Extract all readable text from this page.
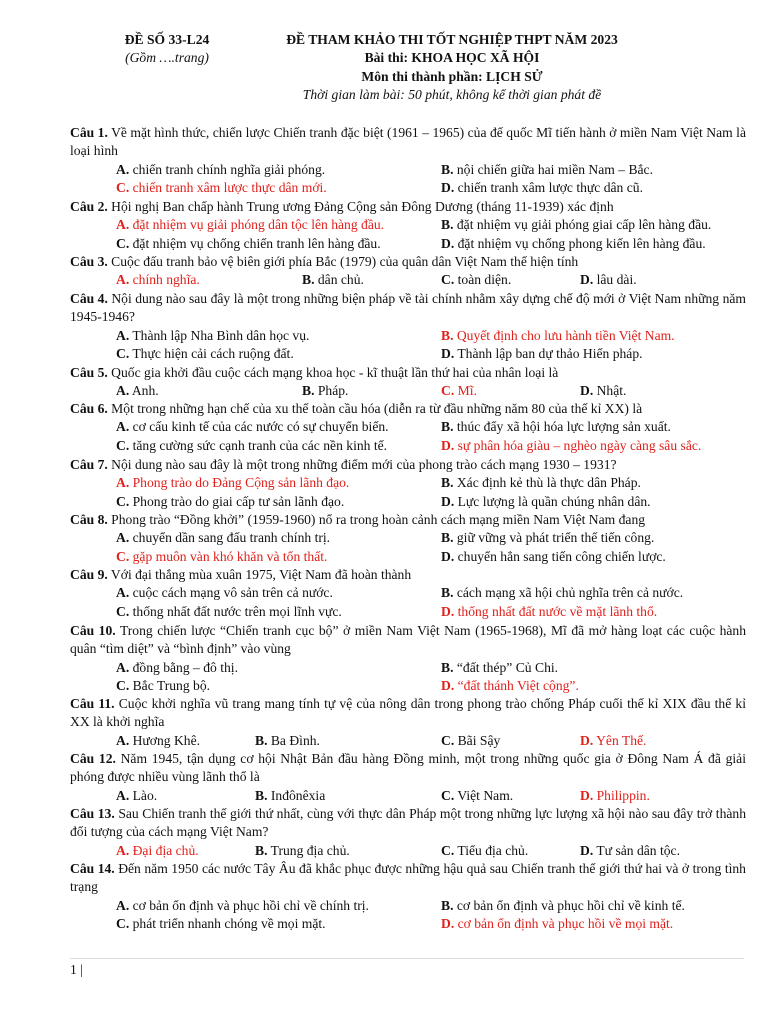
ĐỀ SỐ 33-L24	ĐỀ THAM KHẢO THI TỐT NGHIỆP THPT NĂM 2023
(Gồm ….trang)	Bài thi: KHOA HỌC XÃ HỘI
Môn thi thành phần: LỊCH SỬ
Thời gian làm bài: 50 phút, không kể thời gian phát đề
Câu 1. Về mặt hình thức, chiến lược Chiến tranh đặc biệt (1961 – 1965) của đế quốc Mĩ tiến hành ở miền Nam Việt Nam là loại hình
A. chiến tranh chính nghĩa giải phóng.	B. nội chiến giữa hai miền Nam – Bắc.
C. chiến tranh xâm lược thực dân mới.	D. chiến tranh xâm lược thực dân cũ.
Câu 2. Hội nghị Ban chấp hành Trung ương Đảng Cộng sản Đông Dương (tháng 11-1939) xác định
A. đặt nhiệm vụ giải phóng dân tộc lên hàng đầu.	B. đặt nhiệm vụ giải phóng giai cấp lên hàng đầu.
C. đặt nhiệm vụ chống chiến tranh lên hàng đầu.	D. đặt nhiệm vụ chống phong kiến lên hàng đầu.
Câu 3. Cuộc đấu tranh bảo vệ biên giới phía Bắc (1979) của quân dân Việt Nam thể hiện tính
A. chính nghĩa.	B. dân chủ.	C. toàn diện.	D. lâu dài.
Câu 4. Nội dung nào sau đây là một trong những biện pháp về tài chính nhằm xây dựng chế độ mới ở Việt Nam những năm 1945-1946?
A. Thành lập Nha Bình dân học vụ.	B. Quyết định cho lưu hành tiền Việt Nam.
C. Thực hiện cải cách ruộng đất.	D. Thành lập ban dự thảo Hiến pháp.
Câu 5. Quốc gia khởi đầu cuộc cách mạng khoa học - kĩ thuật lần thứ hai của nhân loại là
A. Anh.	B. Pháp.	C. Mĩ.	D. Nhật.
Câu 6. Một trong những hạn chế của xu thế toàn cầu hóa (diễn ra từ đầu những năm 80 của thế kỉ XX) là
A. cơ cấu kinh tế của các nước có sự chuyển biến.	B. thúc đẩy xã hội hóa lực lượng sản xuất.
C. tăng cường sức cạnh tranh của các nền kinh tế.	D. sự phân hóa giàu – nghèo ngày càng sâu sắc.
Câu 7. Nội dung nào sau đây là một trong những điểm mới của phong trào cách mạng 1930 – 1931?
A. Phong trào do Đảng Cộng sản lãnh đạo.	B. Xác định kẻ thù là thực dân Pháp.
C. Phong trào do giai cấp tư sản lãnh đạo.	D. Lực lượng là quần chúng nhân dân.
Câu 8. Phong trào “Đồng khởi” (1959-1960) nổ ra trong hoàn cảnh cách mạng miền Nam Việt Nam đang
A. chuyển dần sang đấu tranh chính trị.	B. giữ vững và phát triển thế tiến công.
C. gặp muôn vàn khó khăn và tổn thất.	D. chuyển hẳn sang tiến công chiến lược.
Câu 9. Với đại thắng mùa xuân 1975, Việt Nam đã hoàn thành
A. cuộc cách mạng vô sản trên cả nước.	B. cách mạng xã hội chủ nghĩa trên cả nước.
C. thống nhất đất nước trên mọi lĩnh vực.	D. thống nhất đất nước về mặt lãnh thổ.
Câu 10. Trong chiến lược “Chiến tranh cục bộ” ở miền Nam Việt Nam (1965-1968), Mĩ đã mở hàng loạt các cuộc hành quân “tìm diệt” và “bình định” vào vùng
A. đồng bằng – đô thị.	B. “đất thép” Củ Chi.
C. Bắc Trung bộ.	D. “đất thánh Việt cộng”.
Câu 11. Cuộc khởi nghĩa vũ trang mang tính tự vệ của nông dân trong phong trào chống Pháp cuối thế kỉ XIX đầu thế kỉ XX là khởi nghĩa
A. Hương Khê.	B. Ba Đình.	C. Bãi Sậy	D. Yên Thế.
Câu 12. Năm 1945, tận dụng cơ hội Nhật Bản đầu hàng Đồng minh, một trong những quốc gia ở Đông Nam Á đã giải phóng được nhiều vùng lãnh thổ là
A. Lào.	B. Inđônêxia	C. Việt Nam.	D. Philippin.
Câu 13. Sau Chiến tranh thế giới thứ nhất, cùng với thực dân Pháp một trong những lực lượng xã hội nào sau đây trở thành đối tượng của cách mạng Việt Nam?
A. Đại địa chủ.	B. Trung địa chủ.	C. Tiểu địa chủ.	D. Tư sản dân tộc.
Câu 14. Đến năm 1950 các nước Tây Âu đã khắc phục được những hậu quả sau Chiến tranh thế giới thứ hai và ở trong tình trạng
A. cơ bản ổn định và phục hồi chỉ về chính trị.	B. cơ bản ổn định và phục hồi chỉ về kinh tế.
C. phát triển nhanh chóng về mọi mặt.	D. cơ bản ổn định và phục hồi về mọi mặt.
1 |
